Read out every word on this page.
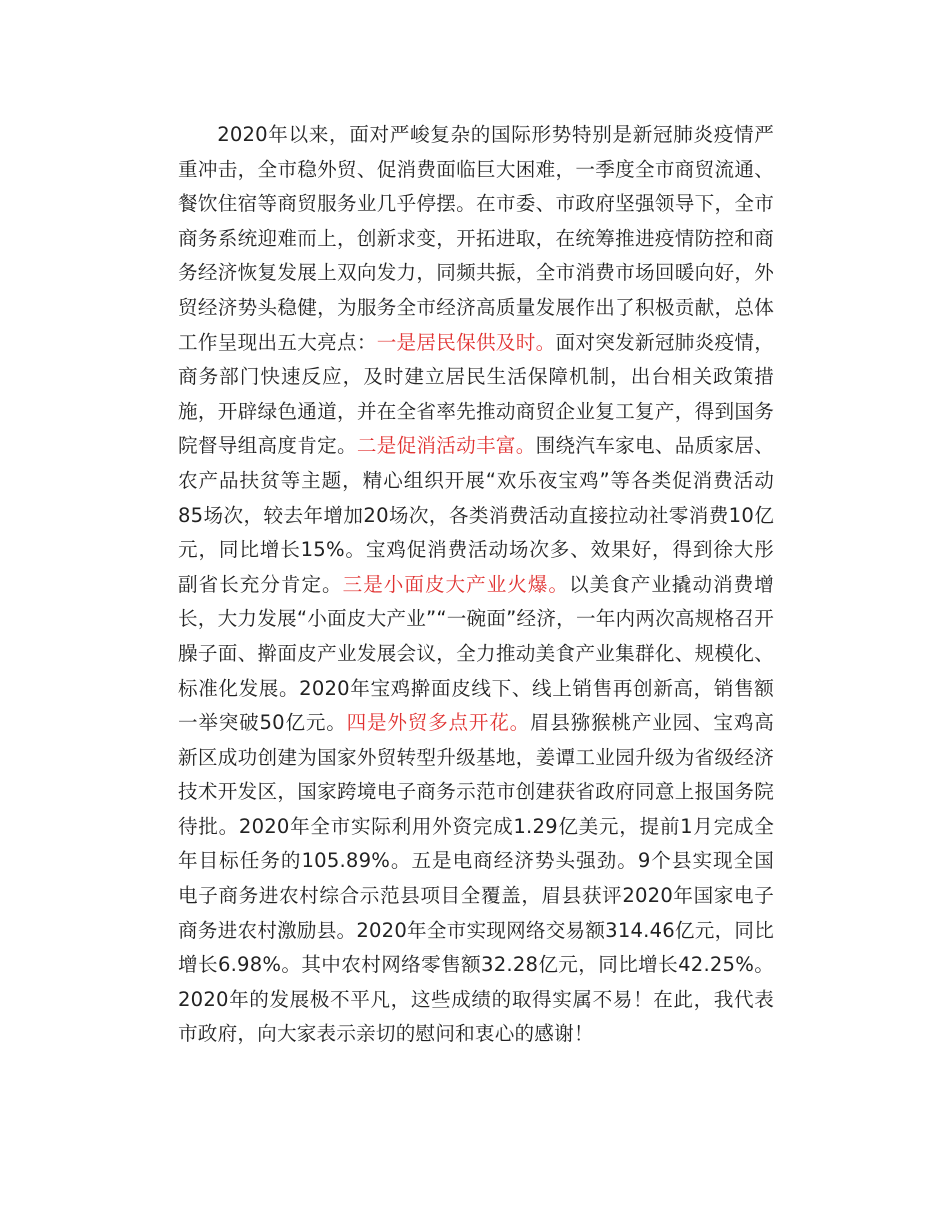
2020年以来，面对严峻复杂的国际形势特别是新冠肺炎疫情严重冲击，全市稳外贸、促消费面临巨大困难，一季度全市商贸流通、餐饮住宿等商贸服务业几乎停摆。在市委、市政府坚强领导下，全市商务系统迎难而上，创新求变，开拓进取，在统筹推进疫情防控和商务经济恢复发展上双向发力，同频共振，全市消费市场回暖向好，外贸经济势头稳健，为服务全市经济高质量发展作出了积极贡献，总体工作呈现出五大亮点：一是居民保供及时。面对突发新冠肺炎疫情，商务部门快速反应，及时建立居民生活保障机制，出台相关政策措施，开辟绿色通道，并在全省率先推动商贸企业复工复产，得到国务院督导组高度肯定。二是促消活动丰富。围绕汽车家电、品质家居、农产品扶贫等主题，精心组织开展“欢乐夜宝鸡”等各类促消费活动85场次，较去年增加20场次，各类消费活动直接拉动社零消费10亿元，同比增长15%。宝鸡促消费活动场次多、效果好，得到徐大彤副省长充分肯定。三是小面皮大产业火爆。以美食产业撬动消费增长，大力发展“小面皮大产业”“一碗面”经济，一年内两次高规格召开臊子面、擀面皮产业发展会议，全力推动美食产业集群化、规模化、标准化发展。2020年宝鸡擀面皮线下、线上销售再创新高，销售额一举突破50亿元。四是外贸多点开花。眉县猕猴桃产业园、宝鸡高新区成功创建为国家外贸转型升级基地，姜谭工业园升级为省级经济技术开发区，国家跨境电子商务示范市创建获省政府同意上报国务院待批。2020年全市实际利用外资完成1.29亿美元，提前1月完成全年目标任务的105.89%。五是电商经济势头强劲。9个县实现全国电子商务进农村综合示范县项目全覆盖，眉县获评2020年国家电子商务进农村激励县。2020年全市实现网络交易额314.46亿元，同比增长6.98%。其中农村网络零售额32.28亿元，同比增长42.25%。2020年的发展极不平凡，这些成绩的取得实属不易！在此，我代表市政府，向大家表示亲切的慰问和衷心的感谢！
